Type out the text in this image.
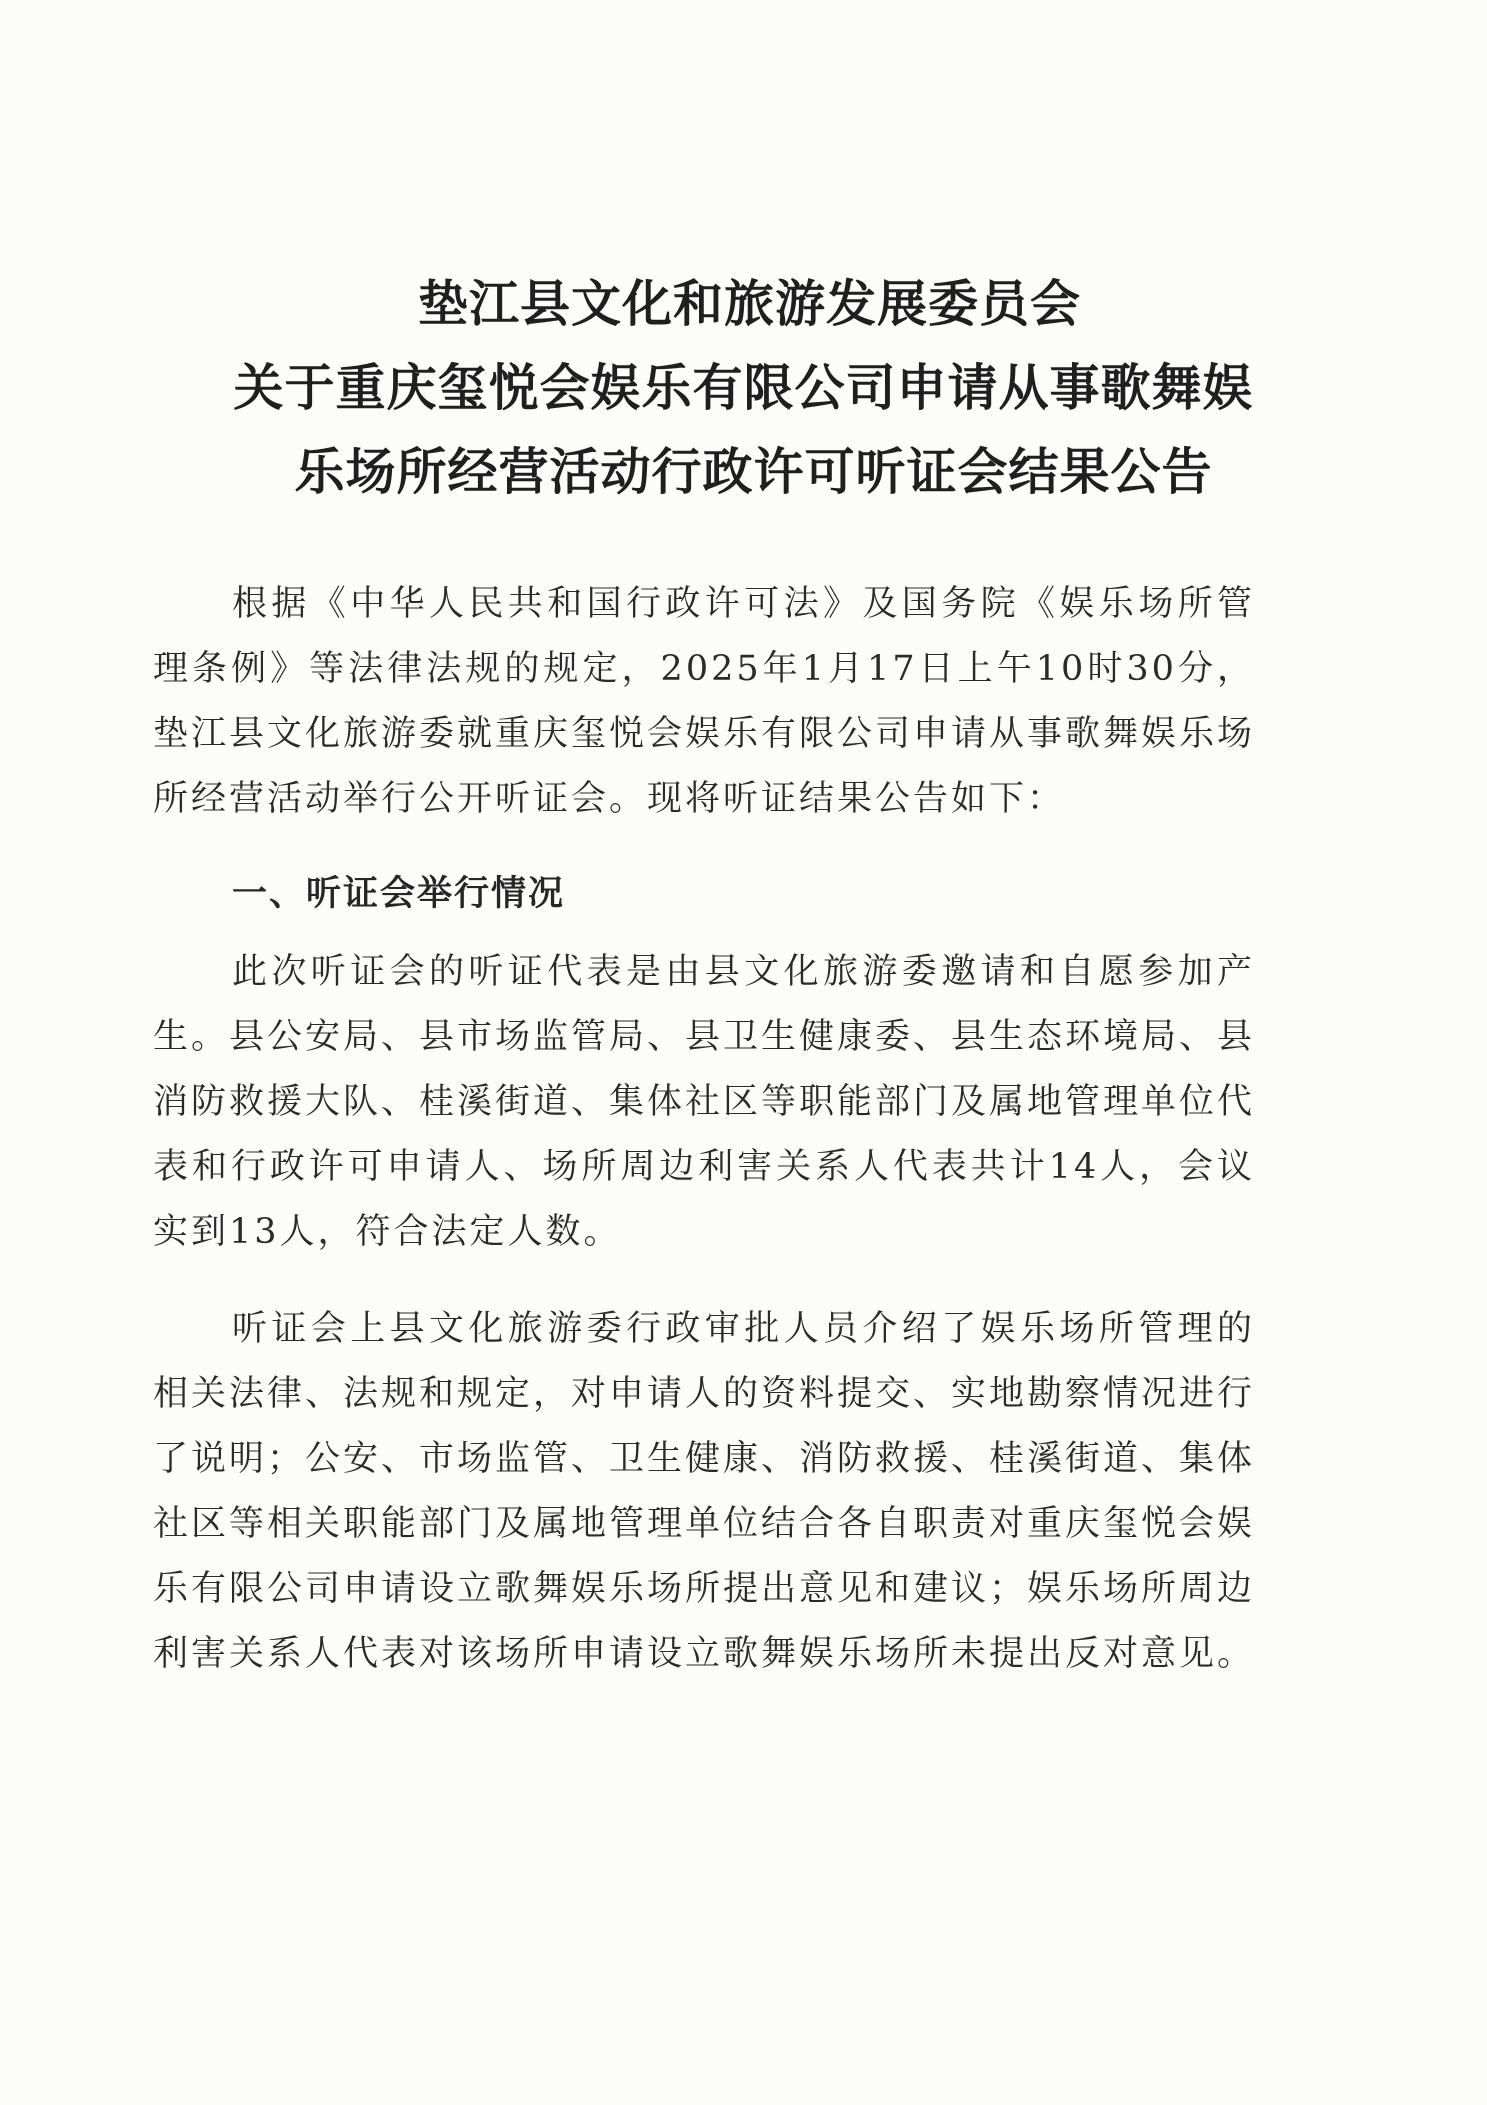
垫江县文化和旅游发展委员会
关于重庆玺悦会娱乐有限公司申请从事歌舞娱
乐场所经营活动行政许可听证会结果公告
根据《中华人民共和国行政许可法》及国务院《娱乐场所管理条例》等法律法规的规定，2025年1月17日上午10时30分，垫江县文化旅游委就重庆玺悦会娱乐有限公司申请从事歌舞娱乐场所经营活动举行公开听证会。现将听证结果公告如下：
一、听证会举行情况
此次听证会的听证代表是由县文化旅游委邀请和自愿参加产生。县公安局、县市场监管局、县卫生健康委、县生态环境局、县消防救援大队、桂溪街道、集体社区等职能部门及属地管理单位代表和行政许可申请人、场所周边利害关系人代表共计14人，会议实到13人，符合法定人数。
听证会上县文化旅游委行政审批人员介绍了娱乐场所管理的相关法律、法规和规定，对申请人的资料提交、实地勘察情况进行了说明；公安、市场监管、卫生健康、消防救援、桂溪街道、集体社区等相关职能部门及属地管理单位结合各自职责对重庆玺悦会娱乐有限公司申请设立歌舞娱乐场所提出意见和建议；娱乐场所周边利害关系人代表对该场所申请设立歌舞娱乐场所未提出反对意见。
